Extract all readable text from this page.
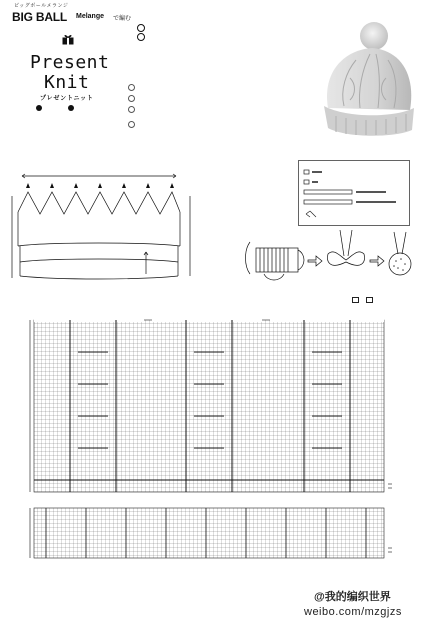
ビッグボールメランジ
BIG BALL Melange で編む
Present
Knit
プレゼントニット
@我的编织世界
weibo.com/mzgjzs
